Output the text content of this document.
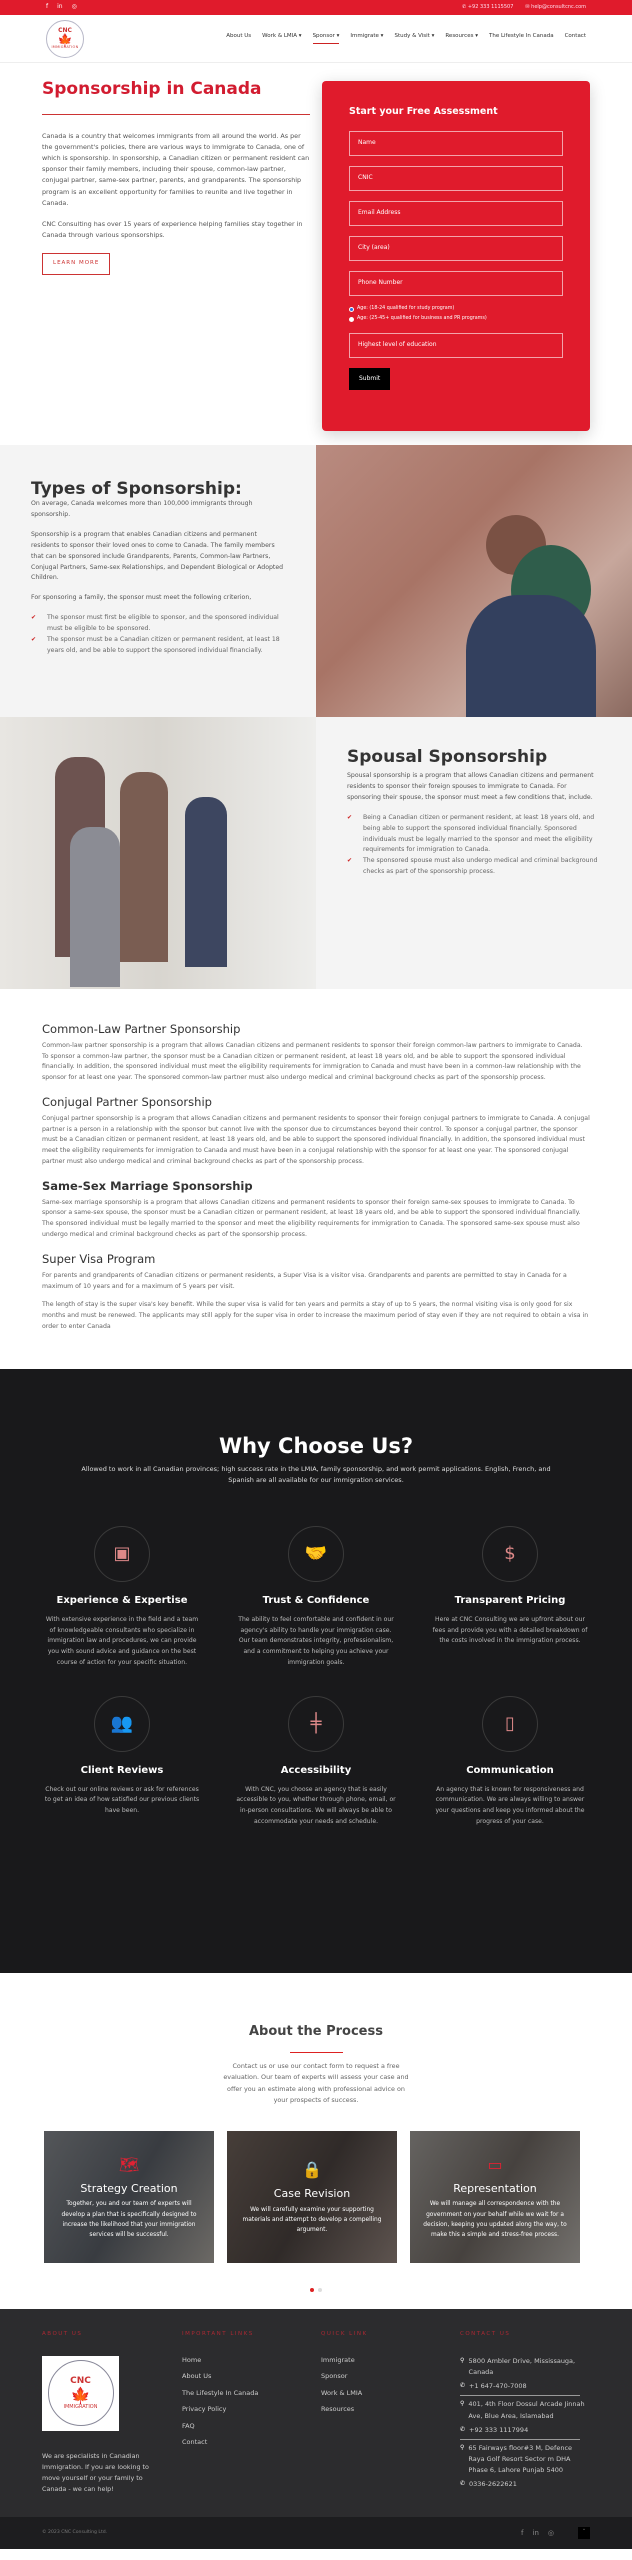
f in ◎	✆ +92 333 1115507 ✉ help@consultcnc.com
CNC
🍁
IMMIGRATION
About Us Work & LMIA ▾ Sponsor ▾ Immigrate ▾ Study & Visit ▾ Resources ▾ The Lifestyle In Canada Contact
Sponsorship in Canada

Canada is a country that welcomes immigrants from all around the world. As per the government's policies, there are various ways to immigrate to Canada, one of which is sponsorship. In sponsorship, a Canadian citizen or permanent resident can sponsor their family members, including their spouse, common-law partner, conjugal partner, same-sex partner, parents, and grandparents. The sponsorship program is an excellent opportunity for families to reunite and live together in Canada.

CNC Consulting has over 15 years of experience helping families stay together in Canada through various sponsorships.

LEARN MORE
Start your Free Assessment
Name
CNIC
Email Address
City (area)
Phone Number
Age: (18-24 qualified for study program)
Age: (25-45+ qualified for business and PR programs)
Highest level of education
Submit
Types of Sponsorship:

On average, Canada welcomes more than 100,000 immigrants through sponsorship.

Sponsorship is a program that enables Canadian citizens and permanent residents to sponsor their loved ones to come to Canada. The family members that can be sponsored include Grandparents, Parents, Common-law Partners, Conjugal Partners, Same-sex Relationships, and Dependent Biological or Adopted Children.

For sponsoring a family, the sponsor must meet the following criterion,

✔	The sponsor must first be eligible to sponsor, and the sponsored individual must be eligible to be sponsored.
✔	The sponsor must be a Canadian citizen or permanent resident, at least 18 years old, and be able to support the sponsored individual financially.
Spousal Sponsorship

Spousal sponsorship is a program that allows Canadian citizens and permanent residents to sponsor their foreign spouses to immigrate to Canada. For sponsoring their spouse, the sponsor must meet a few conditions that, include.

✔	Being a Canadian citizen or permanent resident, at least 18 years old, and being able to support the sponsored individual financially. Sponsored individuals must be legally married to the sponsor and meet the eligibility requirements for immigration to Canada.
✔	The sponsored spouse must also undergo medical and criminal background checks as part of the sponsorship process.
Common-Law Partner Sponsorship

Common-law partner sponsorship is a program that allows Canadian citizens and permanent residents to sponsor their foreign common-law partners to immigrate to Canada. To sponsor a common-law partner, the sponsor must be a Canadian citizen or permanent resident, at least 18 years old, and be able to support the sponsored individual financially. In addition, the sponsored individual must meet the eligibility requirements for immigration to Canada and must have been in a common-law relationship with the sponsor for at least one year. The sponsored common-law partner must also undergo medical and criminal background checks as part of the sponsorship process.

Conjugal Partner Sponsorship

Conjugal partner sponsorship is a program that allows Canadian citizens and permanent residents to sponsor their foreign conjugal partners to immigrate to Canada. A conjugal partner is a person in a relationship with the sponsor but cannot live with the sponsor due to circumstances beyond their control. To sponsor a conjugal partner, the sponsor must be a Canadian citizen or permanent resident, at least 18 years old, and be able to support the sponsored individual financially. In addition, the sponsored individual must meet the eligibility requirements for immigration to Canada and must have been in a conjugal relationship with the sponsor for at least one year. The sponsored conjugal partner must also undergo medical and criminal background checks as part of the sponsorship process.

Same-Sex Marriage Sponsorship

Same-sex marriage sponsorship is a program that allows Canadian citizens and permanent residents to sponsor their foreign same-sex spouses to immigrate to Canada. To sponsor a same-sex spouse, the sponsor must be a Canadian citizen or permanent resident, at least 18 years old, and be able to support the sponsored individual financially. The sponsored individual must be legally married to the sponsor and meet the eligibility requirements for immigration to Canada. The sponsored same-sex spouse must also undergo medical and criminal background checks as part of the sponsorship process.

Super Visa Program

For parents and grandparents of Canadian citizens or permanent residents, a Super Visa is a visitor visa. Grandparents and parents are permitted to stay in Canada for a maximum of 10 years and for a maximum of 5 years per visit.

The length of stay is the super visa's key benefit. While the super visa is valid for ten years and permits a stay of up to 5 years, the normal visiting visa is only good for six months and must be renewed. The applicants may still apply for the super visa in order to increase the maximum period of stay even if they are not required to obtain a visa in order to enter Canada

Why Choose Us?

Allowed to work in all Canadian provinces; high success rate in the LMIA, family sponsorship, and work permit applications. English, French, and Spanish are all available for our immigration services.

▣
Experience & Expertise

With extensive experience in the field and a team of knowledgeable consultants who specialize in immigration law and procedures, we can provide you with sound advice and guidance on the best course of action for your specific situation.

🤝
Trust & Confidence

The ability to feel comfortable and confident in our agency's ability to handle your immigration case. Our team demonstrates integrity, professionalism, and a commitment to helping you achieve your immigration goals.

$
Transparent Pricing

Here at CNC Consulting we are upfront about our fees and provide you with a detailed breakdown of the costs involved in the immigration process.

👥
Client Reviews

Check out our online reviews or ask for references to get an idea of how satisfied our previous clients have been.

╪
Accessibility

With CNC, you choose an agency that is easily accessible to you, whether through phone, email, or in-person consultations. We will always be able to accommodate your needs and schedule.

▯
Communication

An agency that is known for responsiveness and communication. We are always willing to answer your questions and keep you informed about the progress of your case.

About the Process

Contact us or use our contact form to request a free evaluation. Our team of experts will assess your case and offer you an estimate along with professional advice on your prospects of success.

🗺
Strategy Creation

Together, you and our team of experts will develop a plan that is specifically designed to increase the likelihood that your immigration services will be successful.

🔒
Case Revision

We will carefully examine your supporting materials and attempt to develop a compelling argument.

▭
Representation

We will manage all correspondence with the government on your behalf while we wait for a decision, keeping you updated along the way, to make this a simple and stress-free process.

ABOUT US
CNC
🍁
IMMIGRATION

We are specialists in Canadian Immigration. If you are looking to move yourself or your family to Canada - we can help!

IMPORTANT LINKS
Home
About Us
The Lifestyle In Canada
Privacy Policy
FAQ
Contact
QUICK LINK
Immigrate
Sponsor
Work & LMIA
Resources
CONTACT US
⚲ 5800 Ambler Drive, Mississauga, Canada
✆ +1 647-470-7008
⚲ 401, 4th Floor Dossul Arcade Jinnah Ave, Blue Area, Islamabad
✆ +92 333 1117994
⚲ 65 Fairways floor#3 M, Defence Raya Golf Resort Sector m DHA Phase 6, Lahore Punjab 5400
✆ 0336-2622621
© 2023 CNC Consulting Ltd.	f in ◎	˄
